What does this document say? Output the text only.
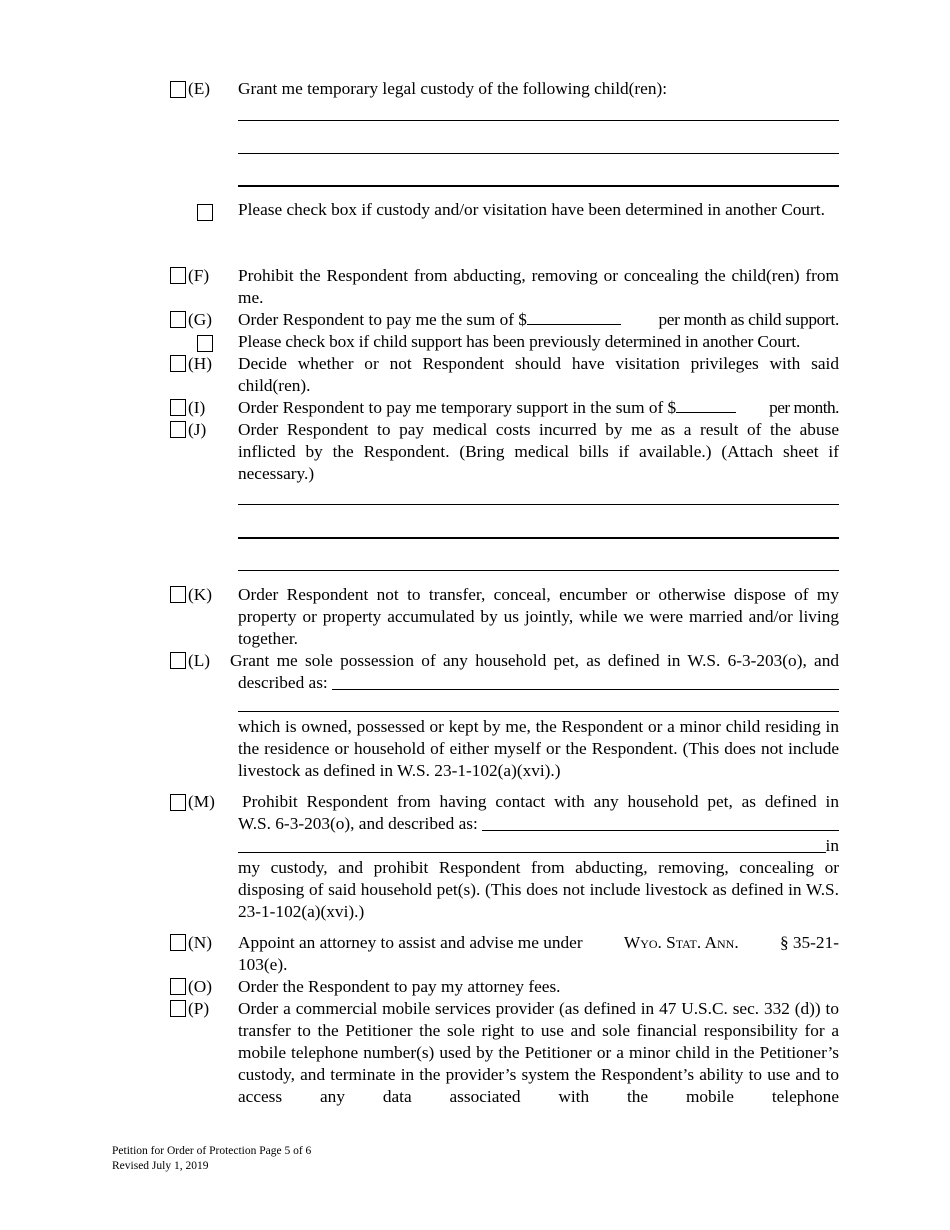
(E) Grant me temporary legal custody of the following child(ren):
Please check box if custody and/or visitation have been determined in another Court.
(F) Prohibit the Respondent from abducting, removing or concealing the child(ren) from me.
(G) Order Respondent to pay me the sum of $	per month as child support.
Please check box if child support has been previously determined in another Court.
(H) Decide whether or not Respondent should have visitation privileges with said child(ren).
(I) Order Respondent to pay me temporary support in the sum of $	per month.
(J) Order Respondent to pay medical costs incurred by me as a result of the abuse inflicted by the Respondent. (Bring medical bills if available.) (Attach sheet if necessary.)
(K) Order Respondent not to transfer, conceal, encumber or otherwise dispose of my property or property accumulated by us jointly, while we were married and/or living together.
(L) Grant me sole possession of any household pet, as defined in W.S. 6-3-203(o), and
described as:
which is owned, possessed or kept by me, the Respondent or a minor child residing in the residence or household of either myself or the Respondent. (This does not include livestock as defined in W.S. 23-1-102(a)(xvi).)
(M) Prohibit Respondent from having contact with any household pet, as defined in
W.S. 6-3-203(o), and described as:
in
my custody, and prohibit Respondent from abducting, removing, concealing or disposing of said household pet(s). (This does not include livestock as defined in W.S. 23-1-102(a)(xvi).)
(N) Appoint an attorney to assist and advise me under Wyo. Stat. Ann. § 35-21-
103(e).
(O) Order the Respondent to pay my attorney fees.
(P) Order a commercial mobile services provider (as defined in 47 U.S.C. sec. 332 (d)) to transfer to the Petitioner the sole right to use and sole financial responsibility for a mobile telephone number(s) used by the Petitioner or a minor child in the Petitioner’s custody, and terminate in the provider’s system the Respondent’s ability to use and to access any data associated with the mobile telephone
Petition for Order of Protection Page 5 of 6
Revised July 1, 2019
